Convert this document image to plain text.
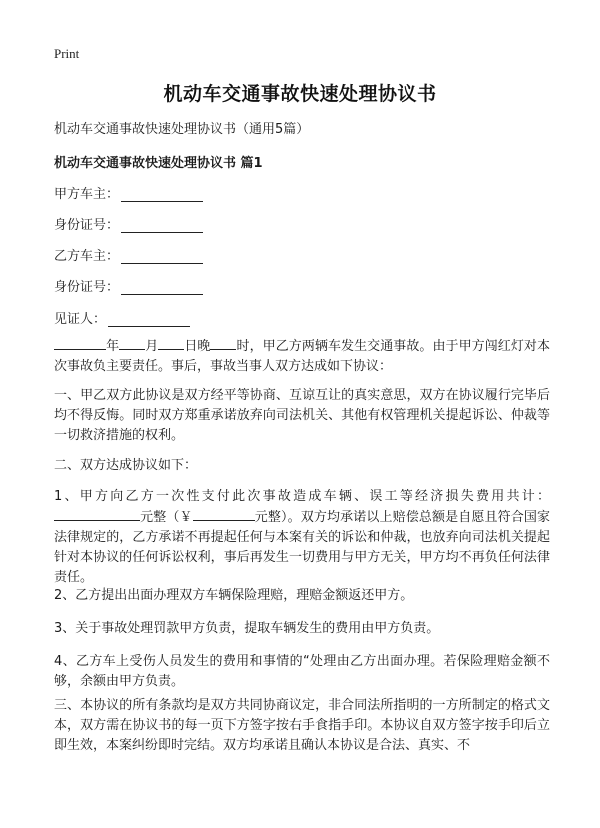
Print
机动车交通事故快速处理协议书
机动车交通事故快速处理协议书（通用5篇）
机动车交通事故快速处理协议书 篇1
甲方车主：
身份证号：
乙方车主：
身份证号：
见证人：
年 月 日晚 时，甲乙方两辆车发生交通事故。由于甲方闯红灯对本次事故负主要责任。事后，事故当事人双方达成如下协议：
一、甲乙双方此协议是双方经平等协商、互谅互让的真实意思，双方在协议履行完毕后均不得反悔。同时双方郑重承诺放弃向司法机关、其他有权管理机关提起诉讼、仲裁等一切救济措施的权利。
二、双方达成协议如下：
1、甲方向乙方一次性支付此次事故造成车辆、误工等经济损失费用共计：元整（￥	元整）。双方均承诺以上赔偿总额是自愿且符合国家法律规定的，乙方承诺不再提起任何与本案有关的诉讼和仲裁，也放弃向司法机关提起针对本协议的任何诉讼权利，事后再发生一切费用与甲方无关，甲方均不再负任何法律责任。
2、乙方提出出面办理双方车辆保险理赔，理赔金额返还甲方。
3、关于事故处理罚款甲方负责，提取车辆发生的费用由甲方负责。
4、乙方车上受伤人员发生的费用和事情的“处理由乙方出面办理。若保险理赔金额不够，余额由甲方负责。
三、本协议的所有条款均是双方共同协商议定，非合同法所指明的一方所制定的格式文本，双方需在协议书的每一页下方签字按右手食指手印。本协议自双方签字按手印后立即生效，本案纠纷即时完结。双方均承诺且确认本协议是合法、真实、不
